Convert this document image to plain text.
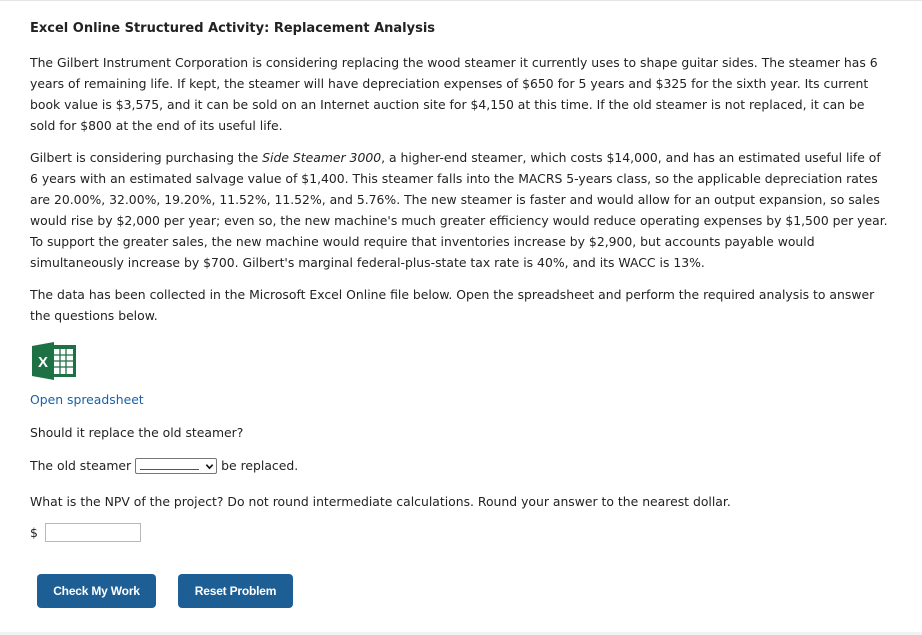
Excel Online Structured Activity: Replacement Analysis

The Gilbert Instrument Corporation is considering replacing the wood steamer it currently uses to shape guitar sides. The steamer has 6 years of remaining life. If kept, the steamer will have depreciation expenses of $650 for 5 years and $325 for the sixth year. Its current book value is $3,575, and it can be sold on an Internet auction site for $4,150 at this time. If the old steamer is not replaced, it can be sold for $800 at the end of its useful life.

Gilbert is considering purchasing the Side Steamer 3000, a higher-end steamer, which costs $14,000, and has an estimated useful life of 6 years with an estimated salvage value of $1,400. This steamer falls into the MACRS 5-years class, so the applicable depreciation rates are 20.00%, 32.00%, 19.20%, 11.52%, 11.52%, and 5.76%. The new steamer is faster and would allow for an output expansion, so sales would rise by $2,000 per year; even so, the new machine's much greater efficiency would reduce operating expenses by $1,500 per year. To support the greater sales, the new machine would require that inventories increase by $2,900, but accounts payable would simultaneously increase by $700. Gilbert's marginal federal-plus-state tax rate is 40%, and its WACC is 13%.

The data has been collected in the Microsoft Excel Online file below. Open the spreadsheet and perform the required analysis to answer the questions below.

X
Open spreadsheet

Should it replace the old steamer?

The old steamer	be replaced.

What is the NPV of the project? Do not round intermediate calculations. Round your answer to the nearest dollar.

$
Check My Work	Reset Problem
